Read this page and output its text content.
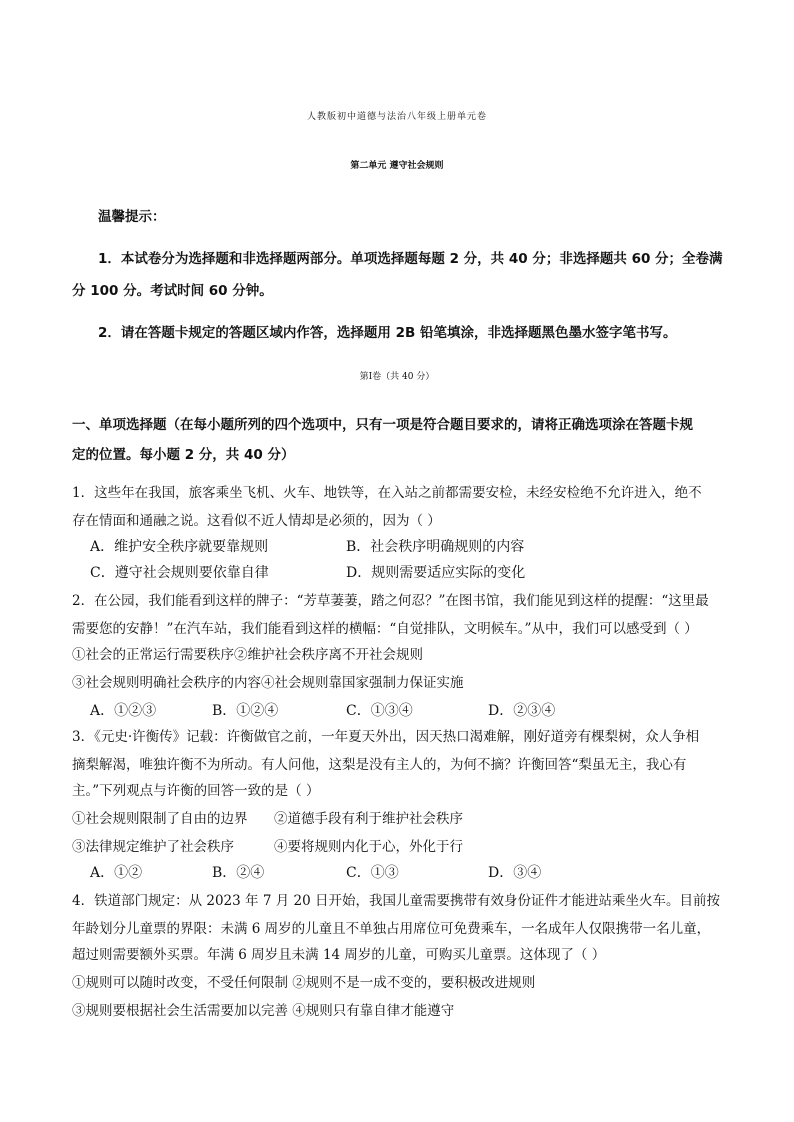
人教版初中道德与法治八年级上册单元卷
第二单元 遵守社会规则
温馨提示：
1．本试卷分为选择题和非选择题两部分。单项选择题每题 2 分，共 40 分；非选择题共 60 分；全卷满
分 100 分。考试时间 60 分钟。
2．请在答题卡规定的答题区域内作答，选择题用 2B 铅笔填涂，非选择题黑色墨水签字笔书写。
第Ⅰ卷（共 40 分）
一、单项选择题（在每小题所列的四个选项中，只有一项是符合题目要求的，请将正确选项涂在答题卡规
定的位置。每小题 2 分，共 40 分）
1．这些年在我国，旅客乘坐飞机、火车、地铁等，在入站之前都需要安检，未经安检绝不允许进入，绝不
存在情面和通融之说。这看似不近人情却是必须的，因为（ ）
A．维护安全秩序就要靠规则	B．社会秩序明确规则的内容
C．遵守社会规则要依靠自律	D．规则需要适应实际的变化
2．在公园，我们能看到这样的牌子：“芳草萋萋，踏之何忍？”在图书馆，我们能见到这样的提醒：“这里最
需要您的安静！”在汽车站，我们能看到这样的横幅：“自觉排队，文明候车。”从中，我们可以感受到（ ）
①社会的正常运行需要秩序②维护社会秩序离不开社会规则
③社会规则明确社会秩序的内容④社会规则靠国家强制力保证实施
A．①②③	B．①②④	C．①③④	D．②③④
3．《元史·许衡传》记载：许衡做官之前，一年夏天外出，因天热口渴难解，刚好道旁有棵梨树，众人争相
摘梨解渴，唯独许衡不为所动。有人问他，这梨是没有主人的，为何不摘？许衡回答“梨虽无主，我心有
主。”下列观点与许衡的回答一致的是（ ）
①社会规则限制了自由的边界 ②道德手段有利于维护社会秩序
③法律规定维护了社会秩序	④要将规则内化于心，外化于行
A．①②	B．②④	C．①③	D．③④
4．铁道部门规定：从 2023 年 7 月 20 日开始，我国儿童需要携带有效身份证件才能进站乘坐火车。目前按
年龄划分儿童票的界限：未满 6 周岁的儿童且不单独占用席位可免费乘车，一名成年人仅限携带一名儿童，
超过则需要额外买票。年满 6 周岁且未满 14 周岁的儿童，可购买儿童票。这体现了（ ）
①规则可以随时改变，不受任何限制 ②规则不是一成不变的，要积极改进规则
③规则要根据社会生活需要加以完善 ④规则只有靠自律才能遵守
